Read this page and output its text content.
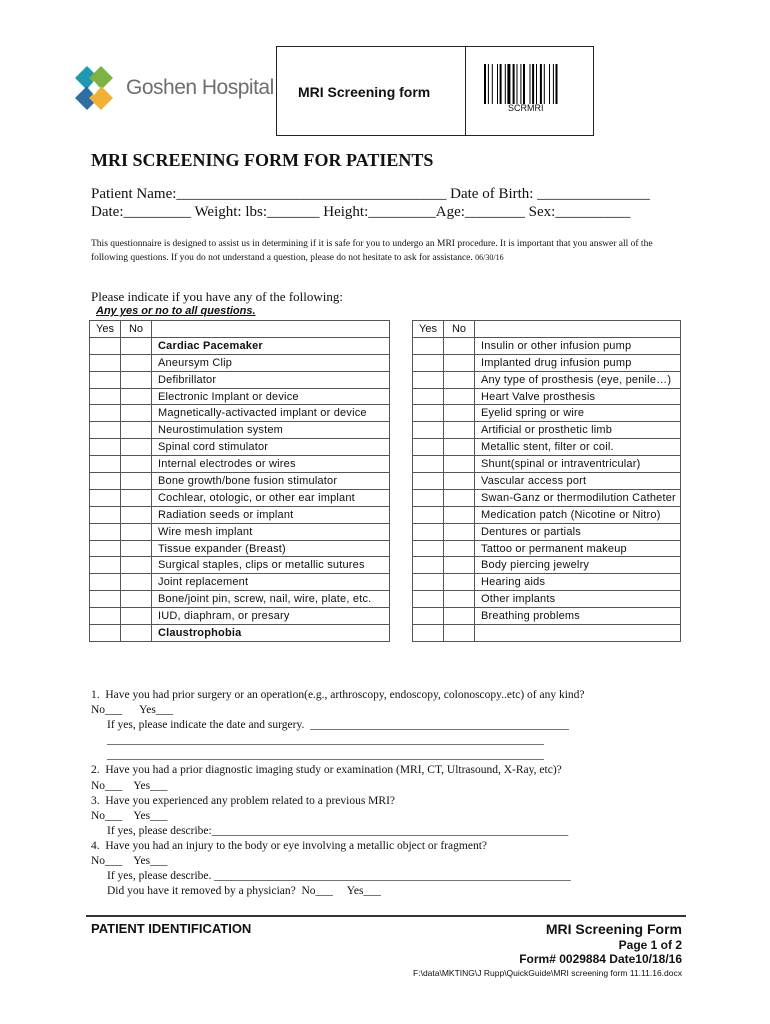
Goshen Hospital MRI Screening form
SCRMRI
MRI SCREENING FORM FOR PATIENTS
Patient Name:____________________________________ Date of Birth: _______________
Date:_________ Weight: lbs:_______ Height:_________Age:________ Sex:__________
This questionnaire is designed to assist us in determining if it is safe for you to undergo an MRI procedure. It is important that you answer all of the following questions. If you do not understand a question, please do not hesitate to ask for assistance. 06/30/16
Please indicate if you have any of the following:
Any yes or no to all questions.
Yes	No	
		Cardiac Pacemaker
		Aneursym Clip
		Defibrillator
		Electronic Implant or device
		Magnetically-activacted implant or device
		Neurostimulation system
		Spinal cord stimulator
		Internal electrodes or wires
		Bone growth/bone fusion stimulator
		Cochlear, otologic, or other ear implant
		Radiation seeds or implant
		Wire mesh implant
		Tissue expander (Breast)
		Surgical staples, clips or metallic sutures
		Joint replacement
		Bone/joint pin, screw, nail, wire, plate, etc.
		IUD, diaphram, or presary
		Claustrophobia
Yes	No	
		Insulin or other infusion pump
		Implanted drug infusion pump
		Any type of prosthesis (eye, penile…)
		Heart Valve prosthesis
		Eyelid spring or wire
		Artificial or prosthetic limb
		Metallic stent, filter or coil.
		Shunt(spinal or intraventricular)
		Vascular access port
		Swan-Ganz or thermodilution Catheter
		Medication patch (Nicotine or Nitro)
		Dentures or partials
		Tattoo or permanent makeup
		Body piercing jewelry
		Hearing aids
		Other implants
		Breathing problems

1.  Have you had prior surgery or an operation(e.g., arthroscopy, endoscopy, colonoscopy..etc) of any kind?
No___      Yes___
If yes, please indicate the date and surgery.  _____________________________________________
____________________________________________________________________________
____________________________________________________________________________
2.  Have you had a prior diagnostic imaging study or examination (MRI, CT, Ultrasound, X-Ray, etc)?
No___    Yes___
3.  Have you experienced any problem related to a previous MRI?
No___    Yes___
If yes, please describe:______________________________________________________________
4.  Have you had an injury to the body or eye involving a metallic object or fragment?
No___    Yes___
If yes, please describe. ______________________________________________________________
Did you have it removed by a physician?  No___     Yes___
PATIENT IDENTIFICATION	MRI Screening Form
Page 1 of 2
Form# 0029884 Date10/18/16
F:\data\MKTING\J Rupp\QuickGuide\MRI screening form 11.11.16.docx
